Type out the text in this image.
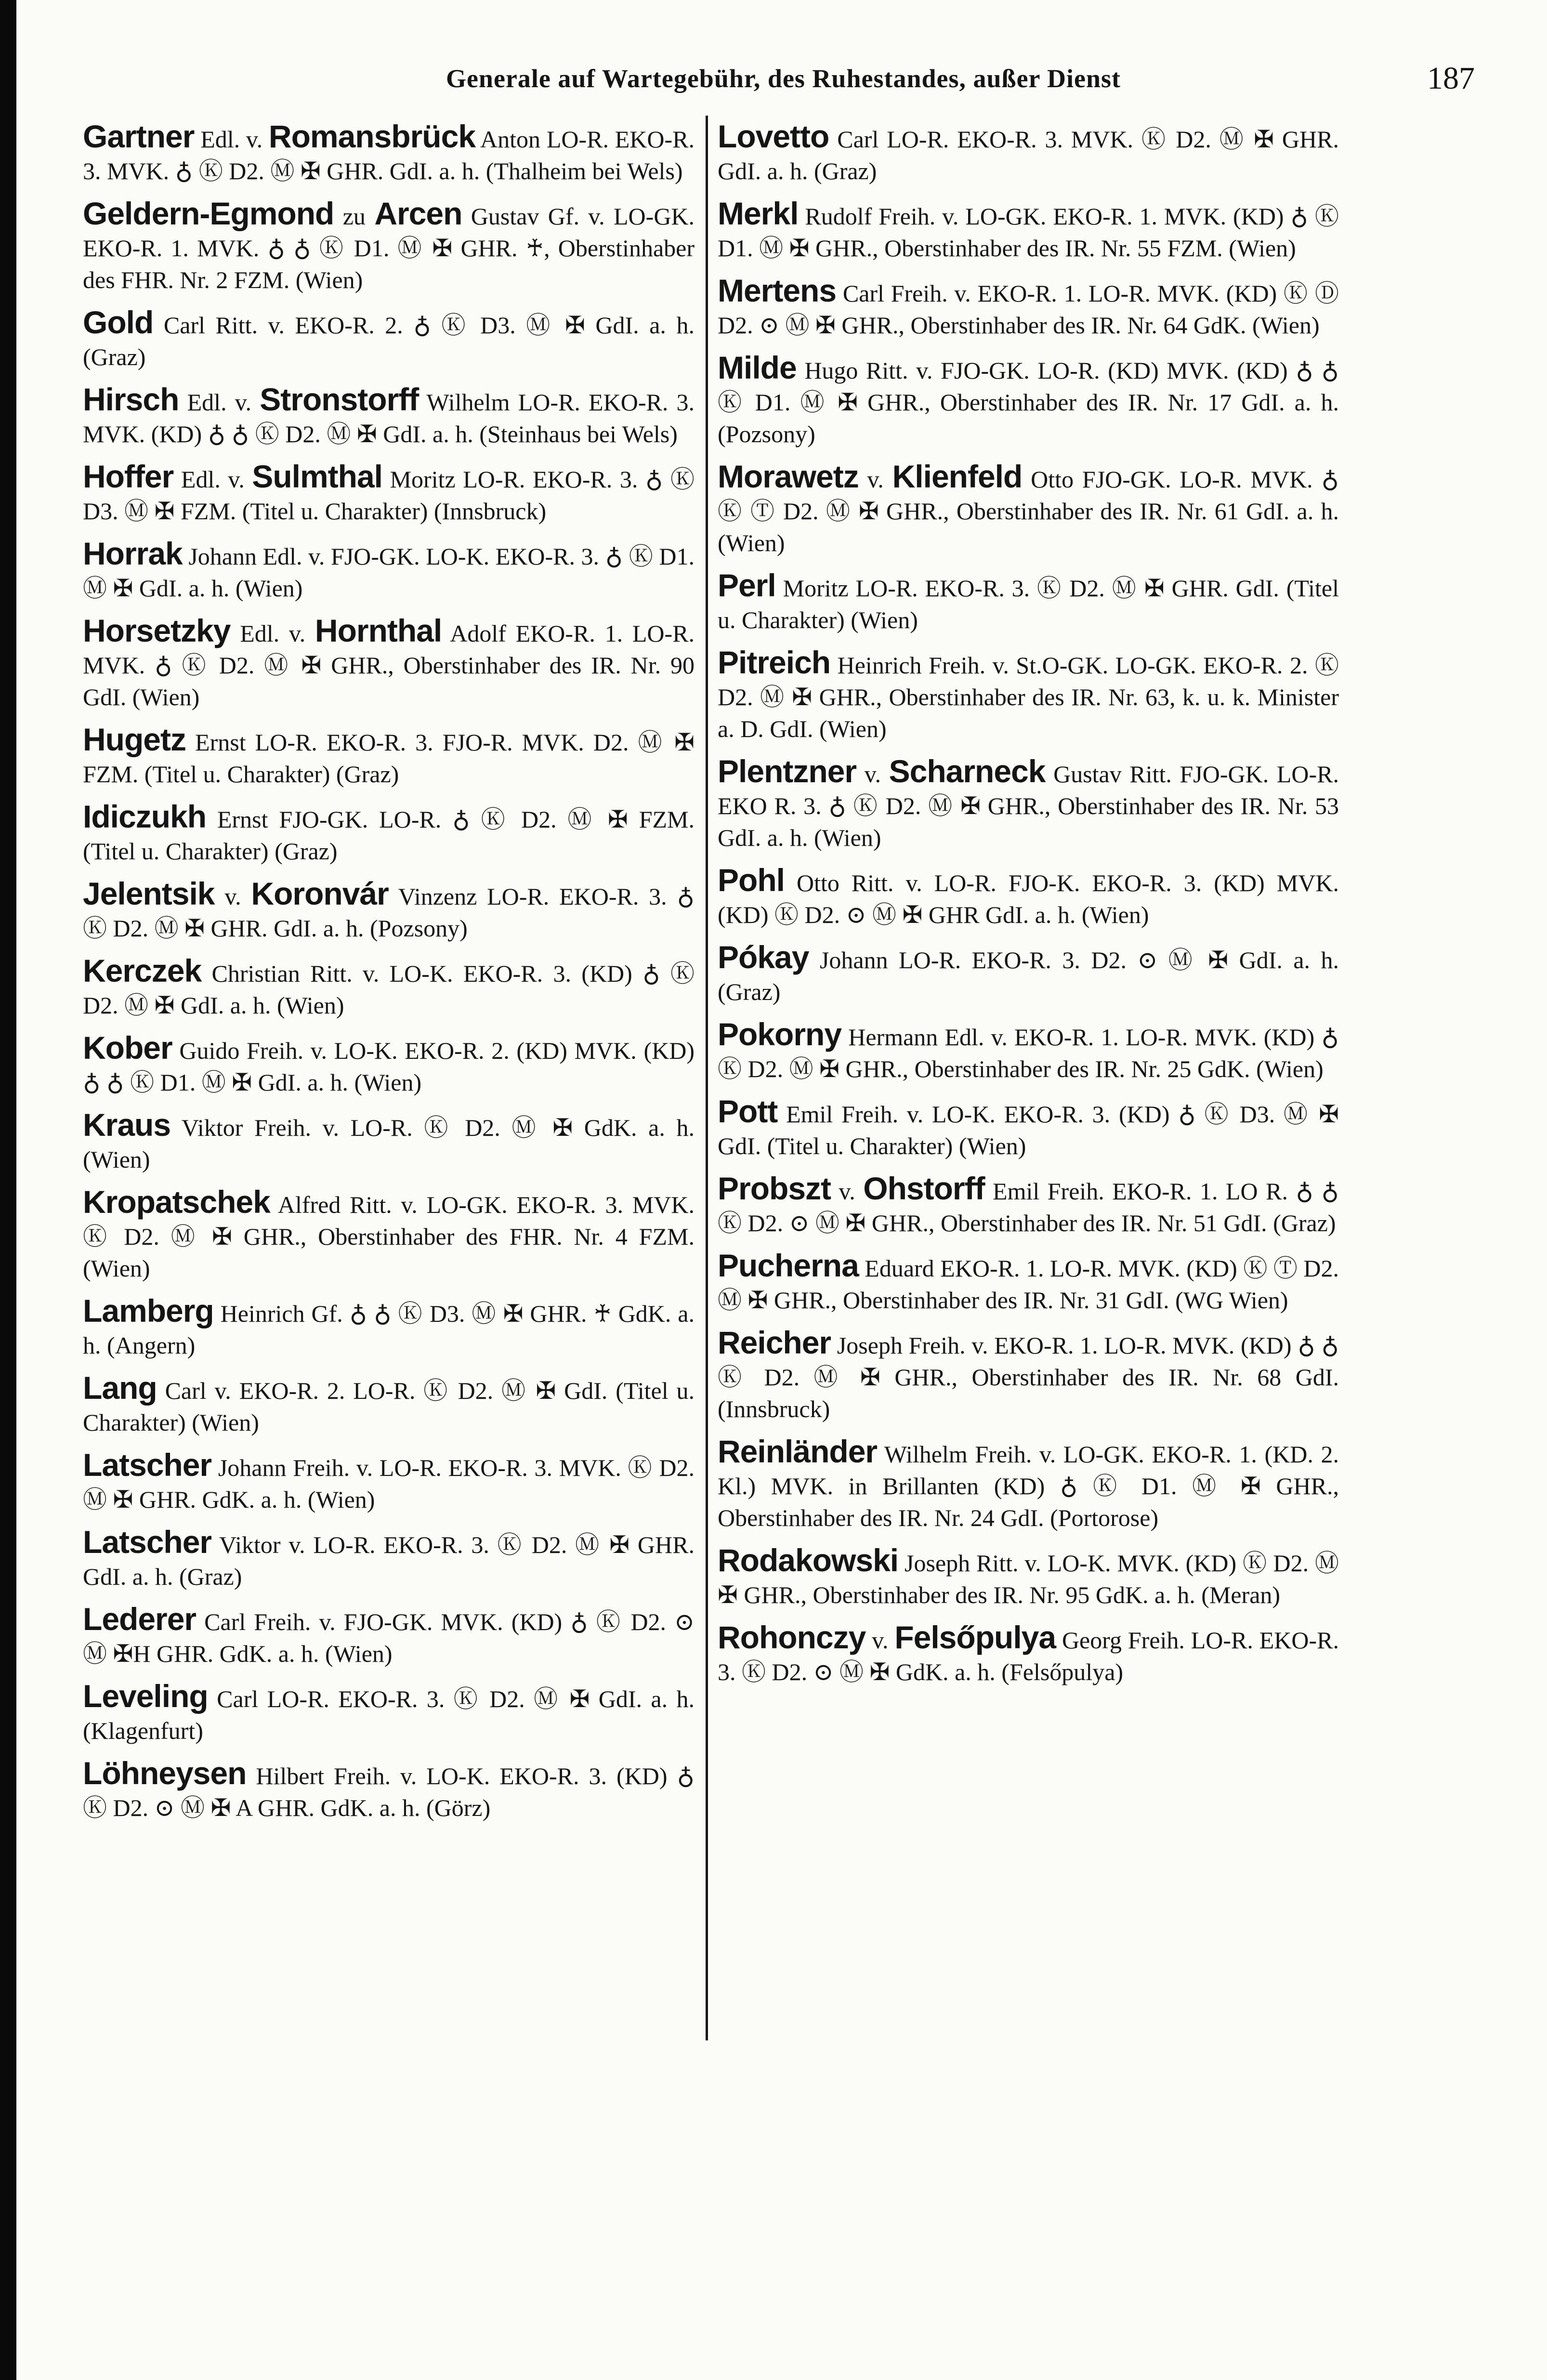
Generale auf Wartegebühr, des Ruhestandes, außer Dienst	187
Gartner Edl. v. Romansbrück Anton LO-R. EKO-R. 3. MVK. ♁ Ⓚ D2. Ⓜ ✠ GHR. GdI. a. h. (Thalheim bei Wels)
Geldern-Egmond zu Arcen Gustav Gf. v. LO-GK. EKO-R. 1. MVK. ♁ ♁ Ⓚ D1. Ⓜ ✠ GHR. ♰, Oberstinhaber des FHR. Nr. 2 FZM. (Wien)
Gold Carl Ritt. v. EKO-R. 2. ♁ Ⓚ D3. Ⓜ ✠ GdI. a. h. (Graz)
Hirsch Edl. v. Stronstorff Wilhelm LO-R. EKO-R. 3. MVK. (KD) ♁ ♁ Ⓚ D2. Ⓜ ✠ GdI. a. h. (Steinhaus bei Wels)
Hoffer Edl. v. Sulmthal Moritz LO-R. EKO-R. 3. ♁ Ⓚ D3. Ⓜ ✠ FZM. (Titel u. Charakter) (Innsbruck)
Horrak Johann Edl. v. FJO-GK. LO-K. EKO-R. 3. ♁ Ⓚ D1. Ⓜ ✠ GdI. a. h. (Wien)
Horsetzky Edl. v. Hornthal Adolf EKO-R. 1. LO-R. MVK. ♁ Ⓚ D2. Ⓜ ✠ GHR., Oberstinhaber des IR. Nr. 90 GdI. (Wien)
Hugetz Ernst LO-R. EKO-R. 3. FJO-R. MVK. D2. Ⓜ ✠ FZM. (Titel u. Charakter) (Graz)
Idiczukh Ernst FJO-GK. LO-R. ♁ Ⓚ D2. Ⓜ ✠ FZM. (Titel u. Charakter) (Graz)
Jelentsik v. Koronvár Vinzenz LO-R. EKO-R. 3. ♁ Ⓚ D2. Ⓜ ✠ GHR. GdI. a. h. (Pozsony)
Kerczek Christian Ritt. v. LO-K. EKO-R. 3. (KD) ♁ Ⓚ D2. Ⓜ ✠ GdI. a. h. (Wien)
Kober Guido Freih. v. LO-K. EKO-R. 2. (KD) MVK. (KD) ♁ ♁ Ⓚ D1. Ⓜ ✠ GdI. a. h. (Wien)
Kraus Viktor Freih. v. LO-R. Ⓚ D2. Ⓜ ✠ GdK. a. h. (Wien)
Kropatschek Alfred Ritt. v. LO-GK. EKO-R. 3. MVK. Ⓚ D2. Ⓜ ✠ GHR., Oberstinhaber des FHR. Nr. 4 FZM. (Wien)
Lamberg Heinrich Gf. ♁ ♁ Ⓚ D3. Ⓜ ✠ GHR. ♰ GdK. a. h. (Angern)
Lang Carl v. EKO-R. 2. LO-R. Ⓚ D2. Ⓜ ✠ GdI. (Titel u. Charakter) (Wien)
Latscher Johann Freih. v. LO-R. EKO-R. 3. MVK. Ⓚ D2. Ⓜ ✠ GHR. GdK. a. h. (Wien)
Latscher Viktor v. LO-R. EKO-R. 3. Ⓚ D2. Ⓜ ✠ GHR. GdI. a. h. (Graz)
Lederer Carl Freih. v. FJO-GK. MVK. (KD) ♁ Ⓚ D2. ⊙ Ⓜ ✠H GHR. GdK. a. h. (Wien)
Leveling Carl LO-R. EKO-R. 3. Ⓚ D2. Ⓜ ✠ GdI. a. h. (Klagenfurt)
Löhneysen Hilbert Freih. v. LO-K. EKO-R. 3. (KD) ♁ Ⓚ D2. ⊙ Ⓜ ✠ A GHR. GdK. a. h. (Görz)
Lovetto Carl LO-R. EKO-R. 3. MVK. Ⓚ D2. Ⓜ ✠ GHR. GdI. a. h. (Graz)
Merkl Rudolf Freih. v. LO-GK. EKO-R. 1. MVK. (KD) ♁ Ⓚ D1. Ⓜ ✠ GHR., Oberstinhaber des IR. Nr. 55 FZM. (Wien)
Mertens Carl Freih. v. EKO-R. 1. LO-R. MVK. (KD) Ⓚ Ⓓ D2. ⊙ Ⓜ ✠ GHR., Oberstinhaber des IR. Nr. 64 GdK. (Wien)
Milde Hugo Ritt. v. FJO-GK. LO-R. (KD) MVK. (KD) ♁ ♁ Ⓚ D1. Ⓜ ✠ GHR., Oberstinhaber des IR. Nr. 17 GdI. a. h. (Pozsony)
Morawetz v. Klienfeld Otto FJO-GK. LO-R. MVK. ♁ Ⓚ Ⓣ D2. Ⓜ ✠ GHR., Oberstinhaber des IR. Nr. 61 GdI. a. h. (Wien)
Perl Moritz LO-R. EKO-R. 3. Ⓚ D2. Ⓜ ✠ GHR. GdI. (Titel u. Charakter) (Wien)
Pitreich Heinrich Freih. v. St.O-GK. LO-GK. EKO-R. 2. Ⓚ D2. Ⓜ ✠ GHR., Oberstinhaber des IR. Nr. 63, k. u. k. Minister a. D. GdI. (Wien)
Plentzner v. Scharneck Gustav Ritt. FJO-GK. LO-R. EKO R. 3. ♁ Ⓚ D2. Ⓜ ✠ GHR., Oberstinhaber des IR. Nr. 53 GdI. a. h. (Wien)
Pohl Otto Ritt. v. LO-R. FJO-K. EKO-R. 3. (KD) MVK. (KD) Ⓚ D2. ⊙ Ⓜ ✠ GHR GdI. a. h. (Wien)
Pókay Johann LO-R. EKO-R. 3. D2. ⊙ Ⓜ ✠ GdI. a. h. (Graz)
Pokorny Hermann Edl. v. EKO-R. 1. LO-R. MVK. (KD) ♁ Ⓚ D2. Ⓜ ✠ GHR., Oberstinhaber des IR. Nr. 25 GdK. (Wien)
Pott Emil Freih. v. LO-K. EKO-R. 3. (KD) ♁ Ⓚ D3. Ⓜ ✠ GdI. (Titel u. Charakter) (Wien)
Probszt v. Ohstorff Emil Freih. EKO-R. 1. LO R. ♁ ♁ Ⓚ D2. ⊙ Ⓜ ✠ GHR., Oberstinhaber des IR. Nr. 51 GdI. (Graz)
Pucherna Eduard EKO-R. 1. LO-R. MVK. (KD) Ⓚ Ⓣ D2. Ⓜ ✠ GHR., Oberstinhaber des IR. Nr. 31 GdI. (WG Wien)
Reicher Joseph Freih. v. EKO-R. 1. LO-R. MVK. (KD) ♁ ♁ Ⓚ D2. Ⓜ ✠ GHR., Oberstinhaber des IR. Nr. 68 GdI. (Innsbruck)
Reinländer Wilhelm Freih. v. LO-GK. EKO-R. 1. (KD. 2. Kl.) MVK. in Brillanten (KD) ♁ Ⓚ D1. Ⓜ ✠ GHR., Oberstinhaber des IR. Nr. 24 GdI. (Portorose)
Rodakowski Joseph Ritt. v. LO-K. MVK. (KD) Ⓚ D2. Ⓜ ✠ GHR., Oberstinhaber des IR. Nr. 95 GdK. a. h. (Meran)
Rohonczy v. Felsőpulya Georg Freih. LO-R. EKO-R. 3. Ⓚ D2. ⊙ Ⓜ ✠ GdK. a. h. (Felsőpulya)
